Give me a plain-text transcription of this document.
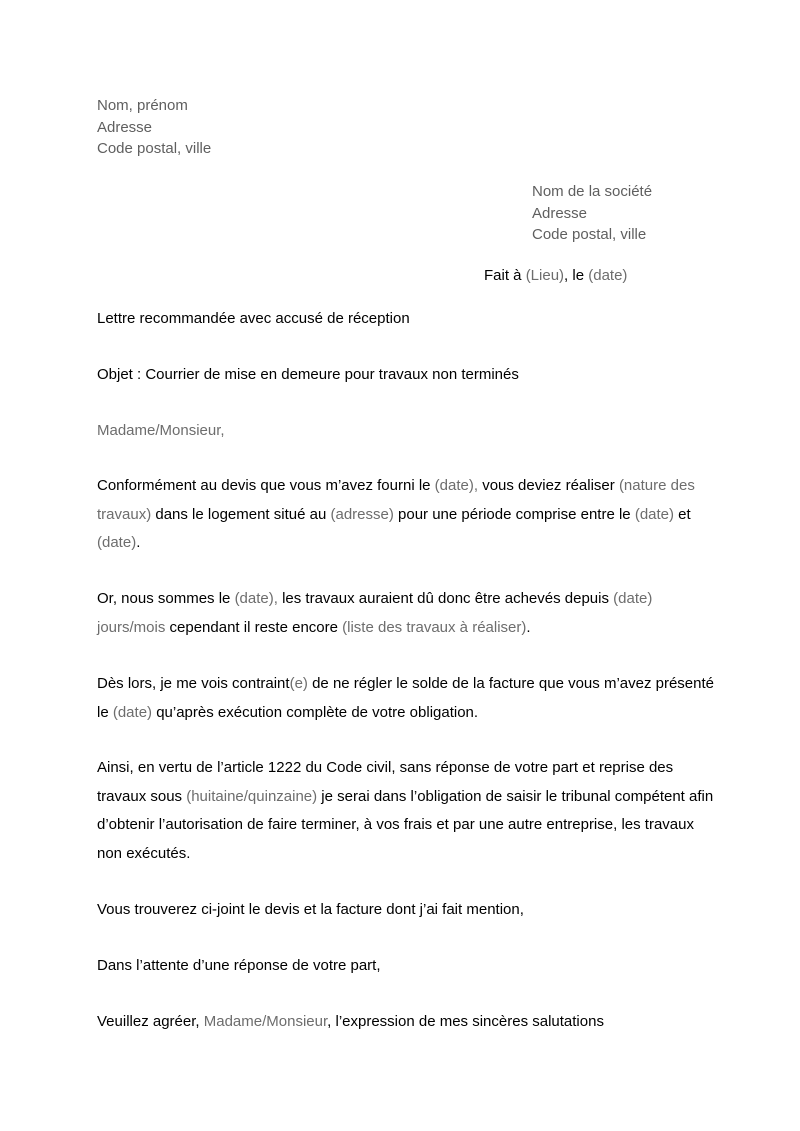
Nom, prénom
Adresse
Code postal, ville
Nom de la société
Adresse
Code postal, ville
Fait à (Lieu), le (date)
Lettre recommandée avec accusé de réception
Objet : Courrier de mise en demeure pour travaux non terminés
Madame/Monsieur,
Conformément au devis que vous m’avez fourni le (date), vous deviez réaliser (nature des travaux) dans le logement situé au (adresse) pour une période comprise entre le (date) et (date).
Or, nous sommes le (date), les travaux auraient dû donc être achevés depuis (date) jours/mois cependant il reste encore (liste des travaux à réaliser).
Dès lors, je me vois contraint(e) de ne régler le solde de la facture que vous m’avez présenté le (date) qu’après exécution complète de votre obligation.
Ainsi, en vertu de l’article 1222 du Code civil, sans réponse de votre part et reprise des travaux sous (huitaine/quinzaine) je serai dans l’obligation de saisir le tribunal compétent afin d’obtenir l’autorisation de faire terminer, à vos frais et par une autre entreprise, les travaux non exécutés.
Vous trouverez ci-joint le devis et la facture dont j’ai fait mention,
Dans l’attente d’une réponse de votre part,
Veuillez agréer, Madame/Monsieur, l’expression de mes sincères salutations
